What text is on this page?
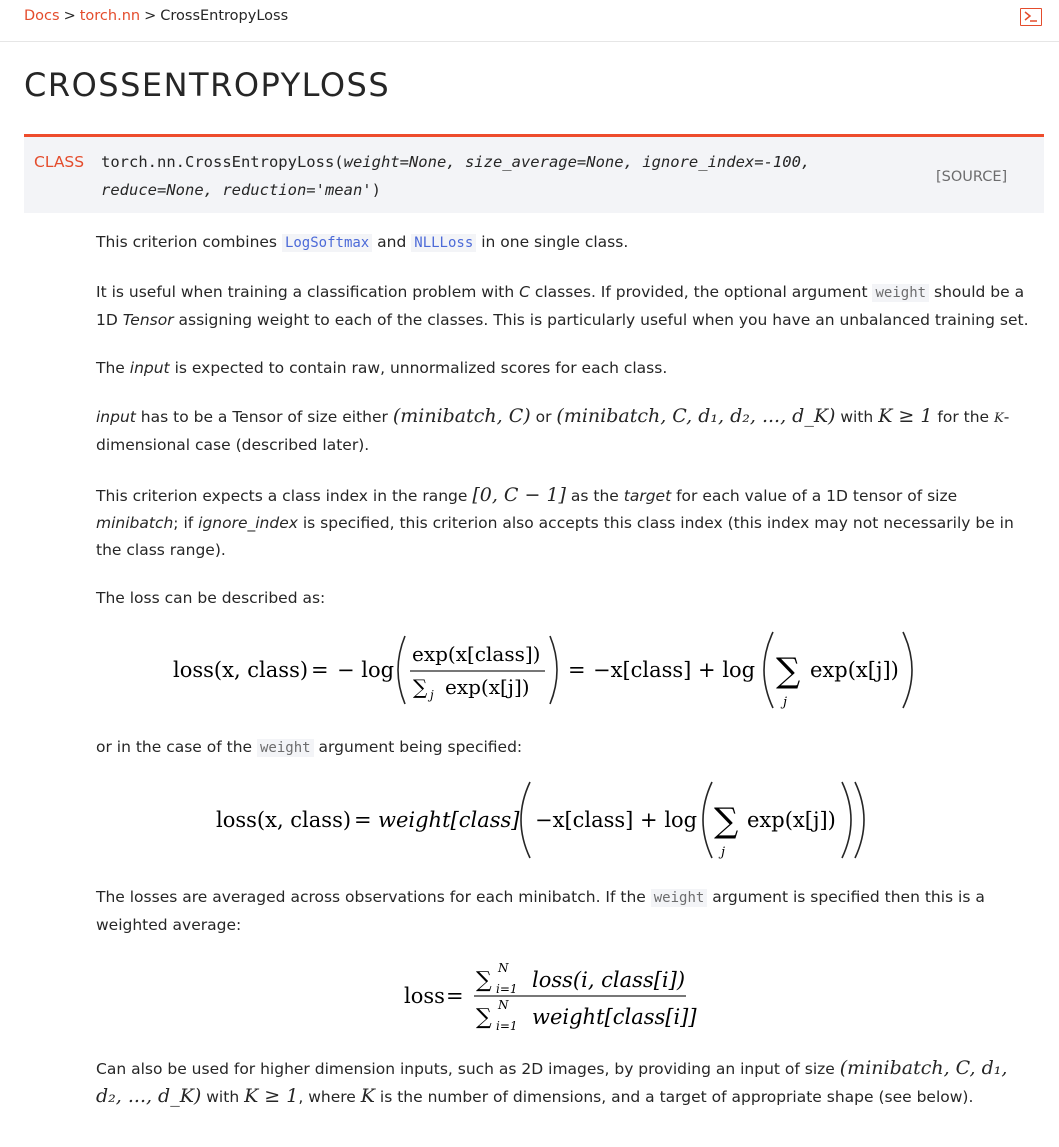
Docs > torch.nn > CrossEntropyLoss
CROSSENTROPYLOSS
CLASS torch.nn.CrossEntropyLoss(weight=None, size_average=None, ignore_index=-100,
reduce=None, reduction='mean')
[SOURCE]
This criterion combines LogSoftmax and NLLLoss in one single class.
It is useful when training a classification problem with C classes. If provided, the optional argument weight should be a 1D Tensor assigning weight to each of the classes. This is particularly useful when you have an unbalanced training set.
The input is expected to contain raw, unnormalized scores for each class.
input has to be a Tensor of size either (minibatch, C) or (minibatch, C, d₁, d₂, ..., d_K) with K ≥ 1 for the K-dimensional case (described later).
This criterion expects a class index in the range [0, C − 1] as the target for each value of a 1D tensor of size minibatch; if ignore_index is specified, this criterion also accepts this class index (this index may not necessarily be in the class range).
The loss can be described as:
loss(x, class) = − log
exp(x[class])
∑ j exp(x[j])
= −x[class] + log ∑
j
exp(x[j])
or in the case of the weight argument being specified:
loss(x, class) = weight[class] −x[class] + log ∑
j
exp(x[j])
The losses are averaged across observations for each minibatch. If the weight argument is specified then this is a weighted average:
loss =
∑ N
i=1 loss(i, class[i])
∑ N
i=1 weight[class[i]]
Can also be used for higher dimension inputs, such as 2D images, by providing an input of size (minibatch, C, d₁, d₂, ..., d_K) with K ≥ 1, where K is the number of dimensions, and a target of appropriate shape (see below).
